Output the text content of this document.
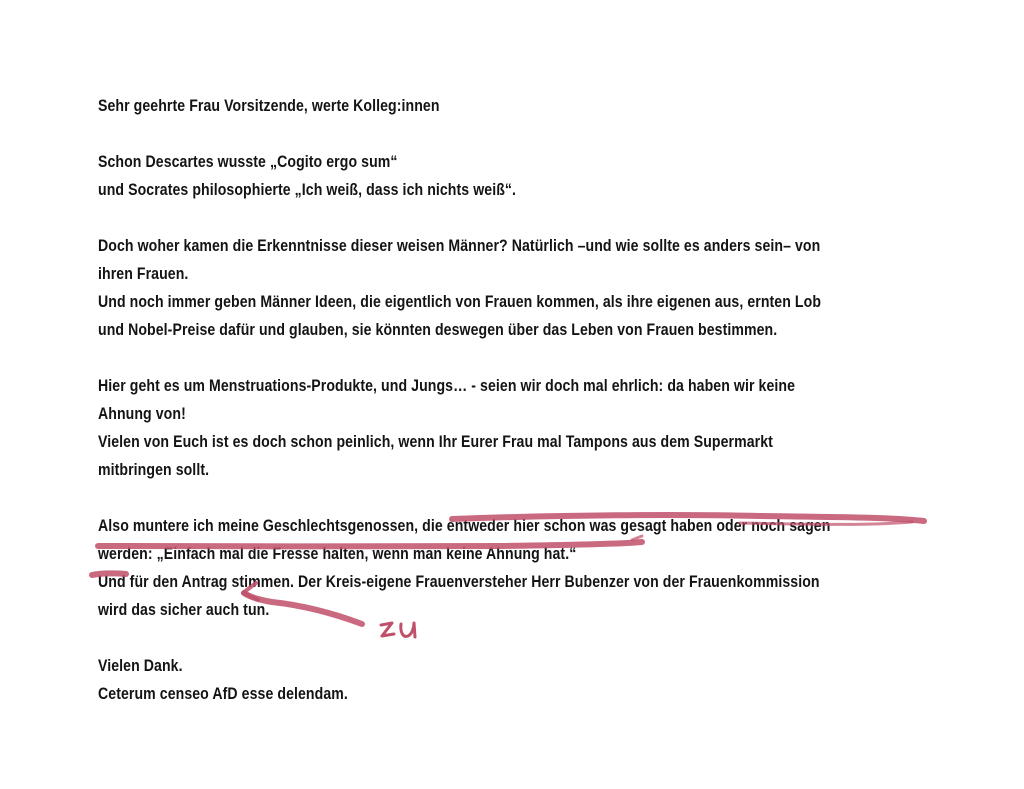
Sehr geehrte Frau Vorsitzende, werte Kolleg:innen
Schon Descartes wusste „Cogito ergo sum“
und Socrates philosophierte „Ich weiß, dass ich nichts weiß“.
Doch woher kamen die Erkenntnisse dieser weisen Männer? Natürlich –und wie sollte es anders sein– von
ihren Frauen.
Und noch immer geben Männer Ideen, die eigentlich von Frauen kommen, als ihre eigenen aus, ernten Lob
und Nobel-Preise dafür und glauben, sie könnten deswegen über das Leben von Frauen bestimmen.
Hier geht es um Menstruations-Produkte, und Jungs… - seien wir doch mal ehrlich: da haben wir keine
Ahnung von!
Vielen von Euch ist es doch schon peinlich, wenn Ihr Eurer Frau mal Tampons aus dem Supermarkt
mitbringen sollt.
Also muntere ich meine Geschlechtsgenossen, die entweder hier schon was gesagt haben oder noch sagen
werden: „Einfach mal die Fresse halten, wenn man keine Ahnung hat.“
Und für den Antrag stimmen. Der Kreis-eigene Frauenversteher Herr Bubenzer von der Frauenkommission
wird das sicher auch tun.
Vielen Dank.
Ceterum censeo AfD esse delendam.
